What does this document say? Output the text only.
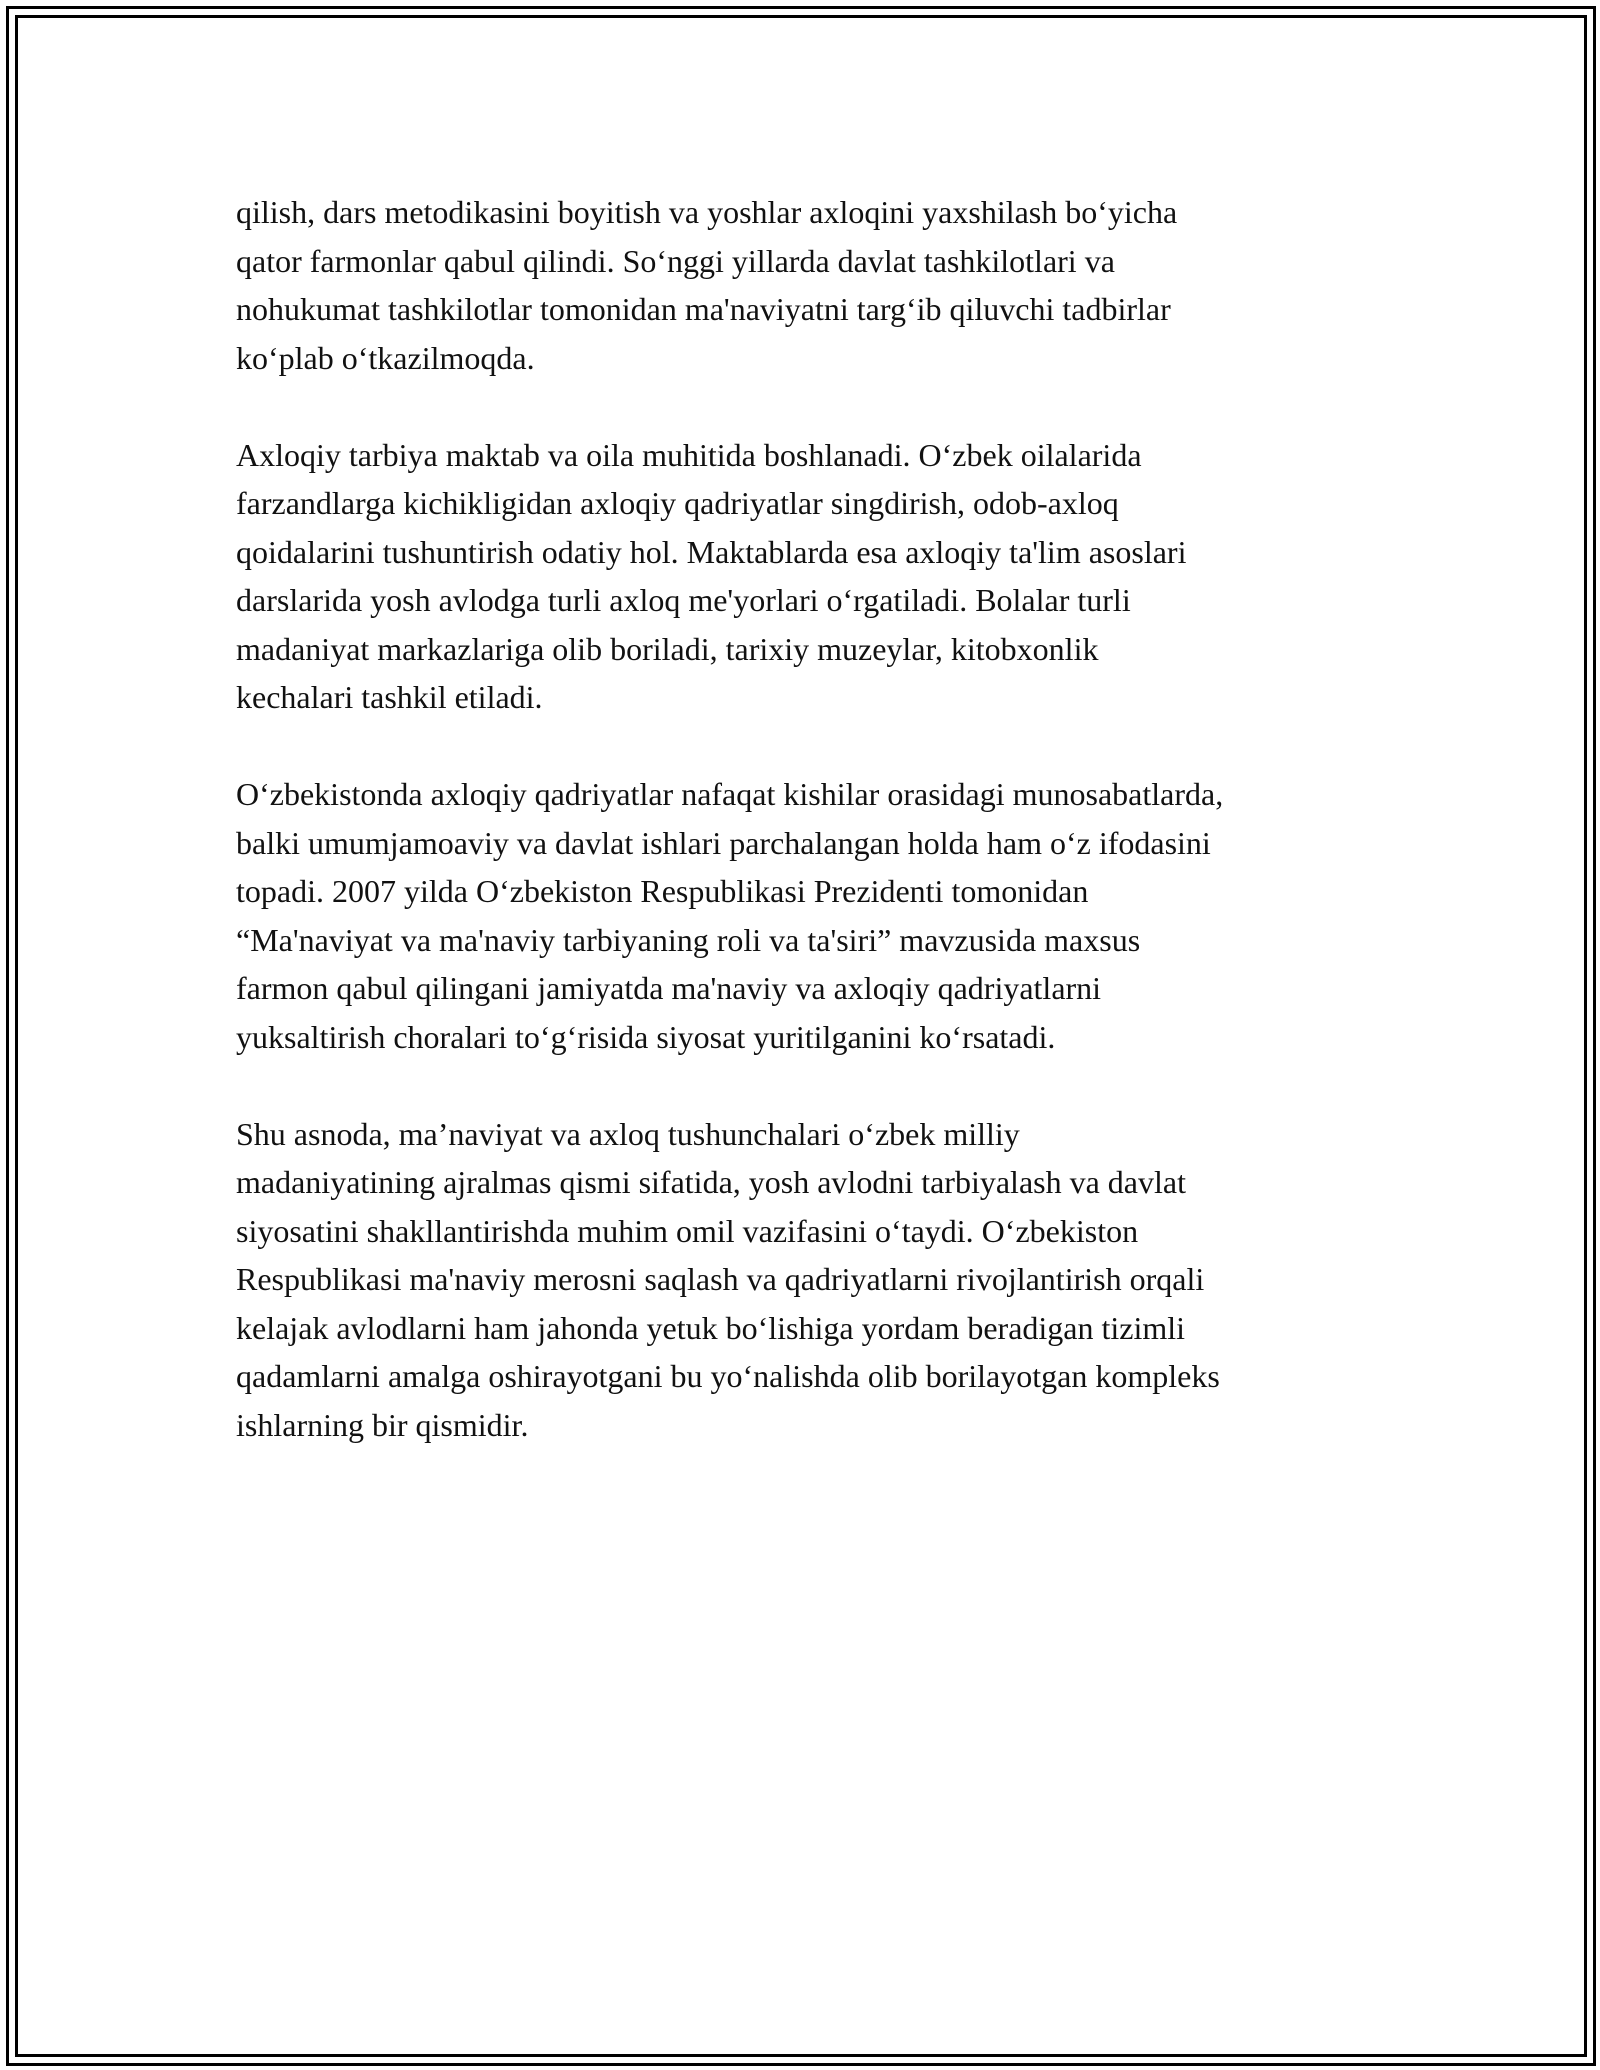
qilish, dars metodikasini boyitish va yoshlar axloqini yaxshilash bo‘yicha
qator farmonlar qabul qilindi. So‘nggi yillarda davlat tashkilotlari va
nohukumat tashkilotlar tomonidan ma'naviyatni targ‘ib qiluvchi tadbirlar
ko‘plab o‘tkazilmoqda.

Axloqiy tarbiya maktab va oila muhitida boshlanadi. O‘zbek oilalarida
farzandlarga kichikligidan axloqiy qadriyatlar singdirish, odob-axloq
qoidalarini tushuntirish odatiy hol. Maktablarda esa axloqiy ta'lim asoslari
darslarida yosh avlodga turli axloq me'yorlari o‘rgatiladi. Bolalar turli
madaniyat markazlariga olib boriladi, tarixiy muzeylar, kitobxonlik
kechalari tashkil etiladi.

O‘zbekistonda axloqiy qadriyatlar nafaqat kishilar orasidagi munosabatlarda,
balki umumjamoaviy va davlat ishlari parchalangan holda ham o‘z ifodasini
topadi. 2007 yilda O‘zbekiston Respublikasi Prezidenti tomonidan
“Ma'naviyat va ma'naviy tarbiyaning roli va ta'siri” mavzusida maxsus
farmon qabul qilingani jamiyatda ma'naviy va axloqiy qadriyatlarni
yuksaltirish choralari to‘g‘risida siyosat yuritilganini ko‘rsatadi.

Shu asnoda, ma’naviyat va axloq tushunchalari o‘zbek milliy
madaniyatining ajralmas qismi sifatida, yosh avlodni tarbiyalash va davlat
siyosatini shakllantirishda muhim omil vazifasini o‘taydi. O‘zbekiston
Respublikasi ma'naviy merosni saqlash va qadriyatlarni rivojlantirish orqali
kelajak avlodlarni ham jahonda yetuk bo‘lishiga yordam beradigan tizimli
qadamlarni amalga oshirayotgani bu yo‘nalishda olib borilayotgan kompleks
ishlarning bir qismidir.
